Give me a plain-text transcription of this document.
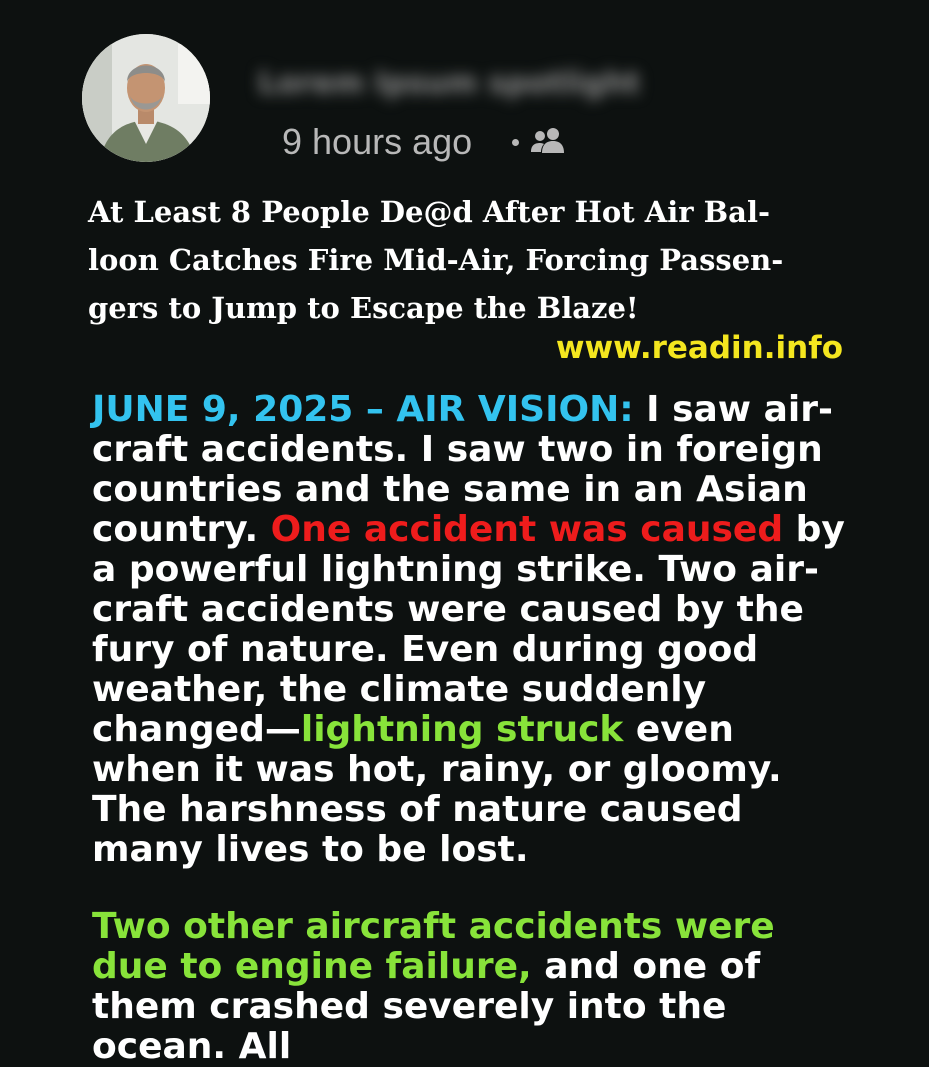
Lorem Ipsum spotlight
9 hours ago
At Least 8 People De@d After Hot Air Bal-
loon Catches Fire Mid-Air, Forcing Passen-
gers to Jump to Escape the Blaze!
www.readin.info

JUNE 9, 2025 – AIR VISION: I saw air-craft accidents. I saw two in foreign countries and the same in an Asian country. One accident was caused by a powerful lightning strike. Two air-craft accidents were caused by the fury of nature. Even during good weather, the climate suddenly changed—lightning struck even when it was hot, rainy, or gloomy. The harshness of nature caused many lives to be lost.

Two other aircraft accidents were due to engine failure, and one of them crashed severely into the ocean. All
